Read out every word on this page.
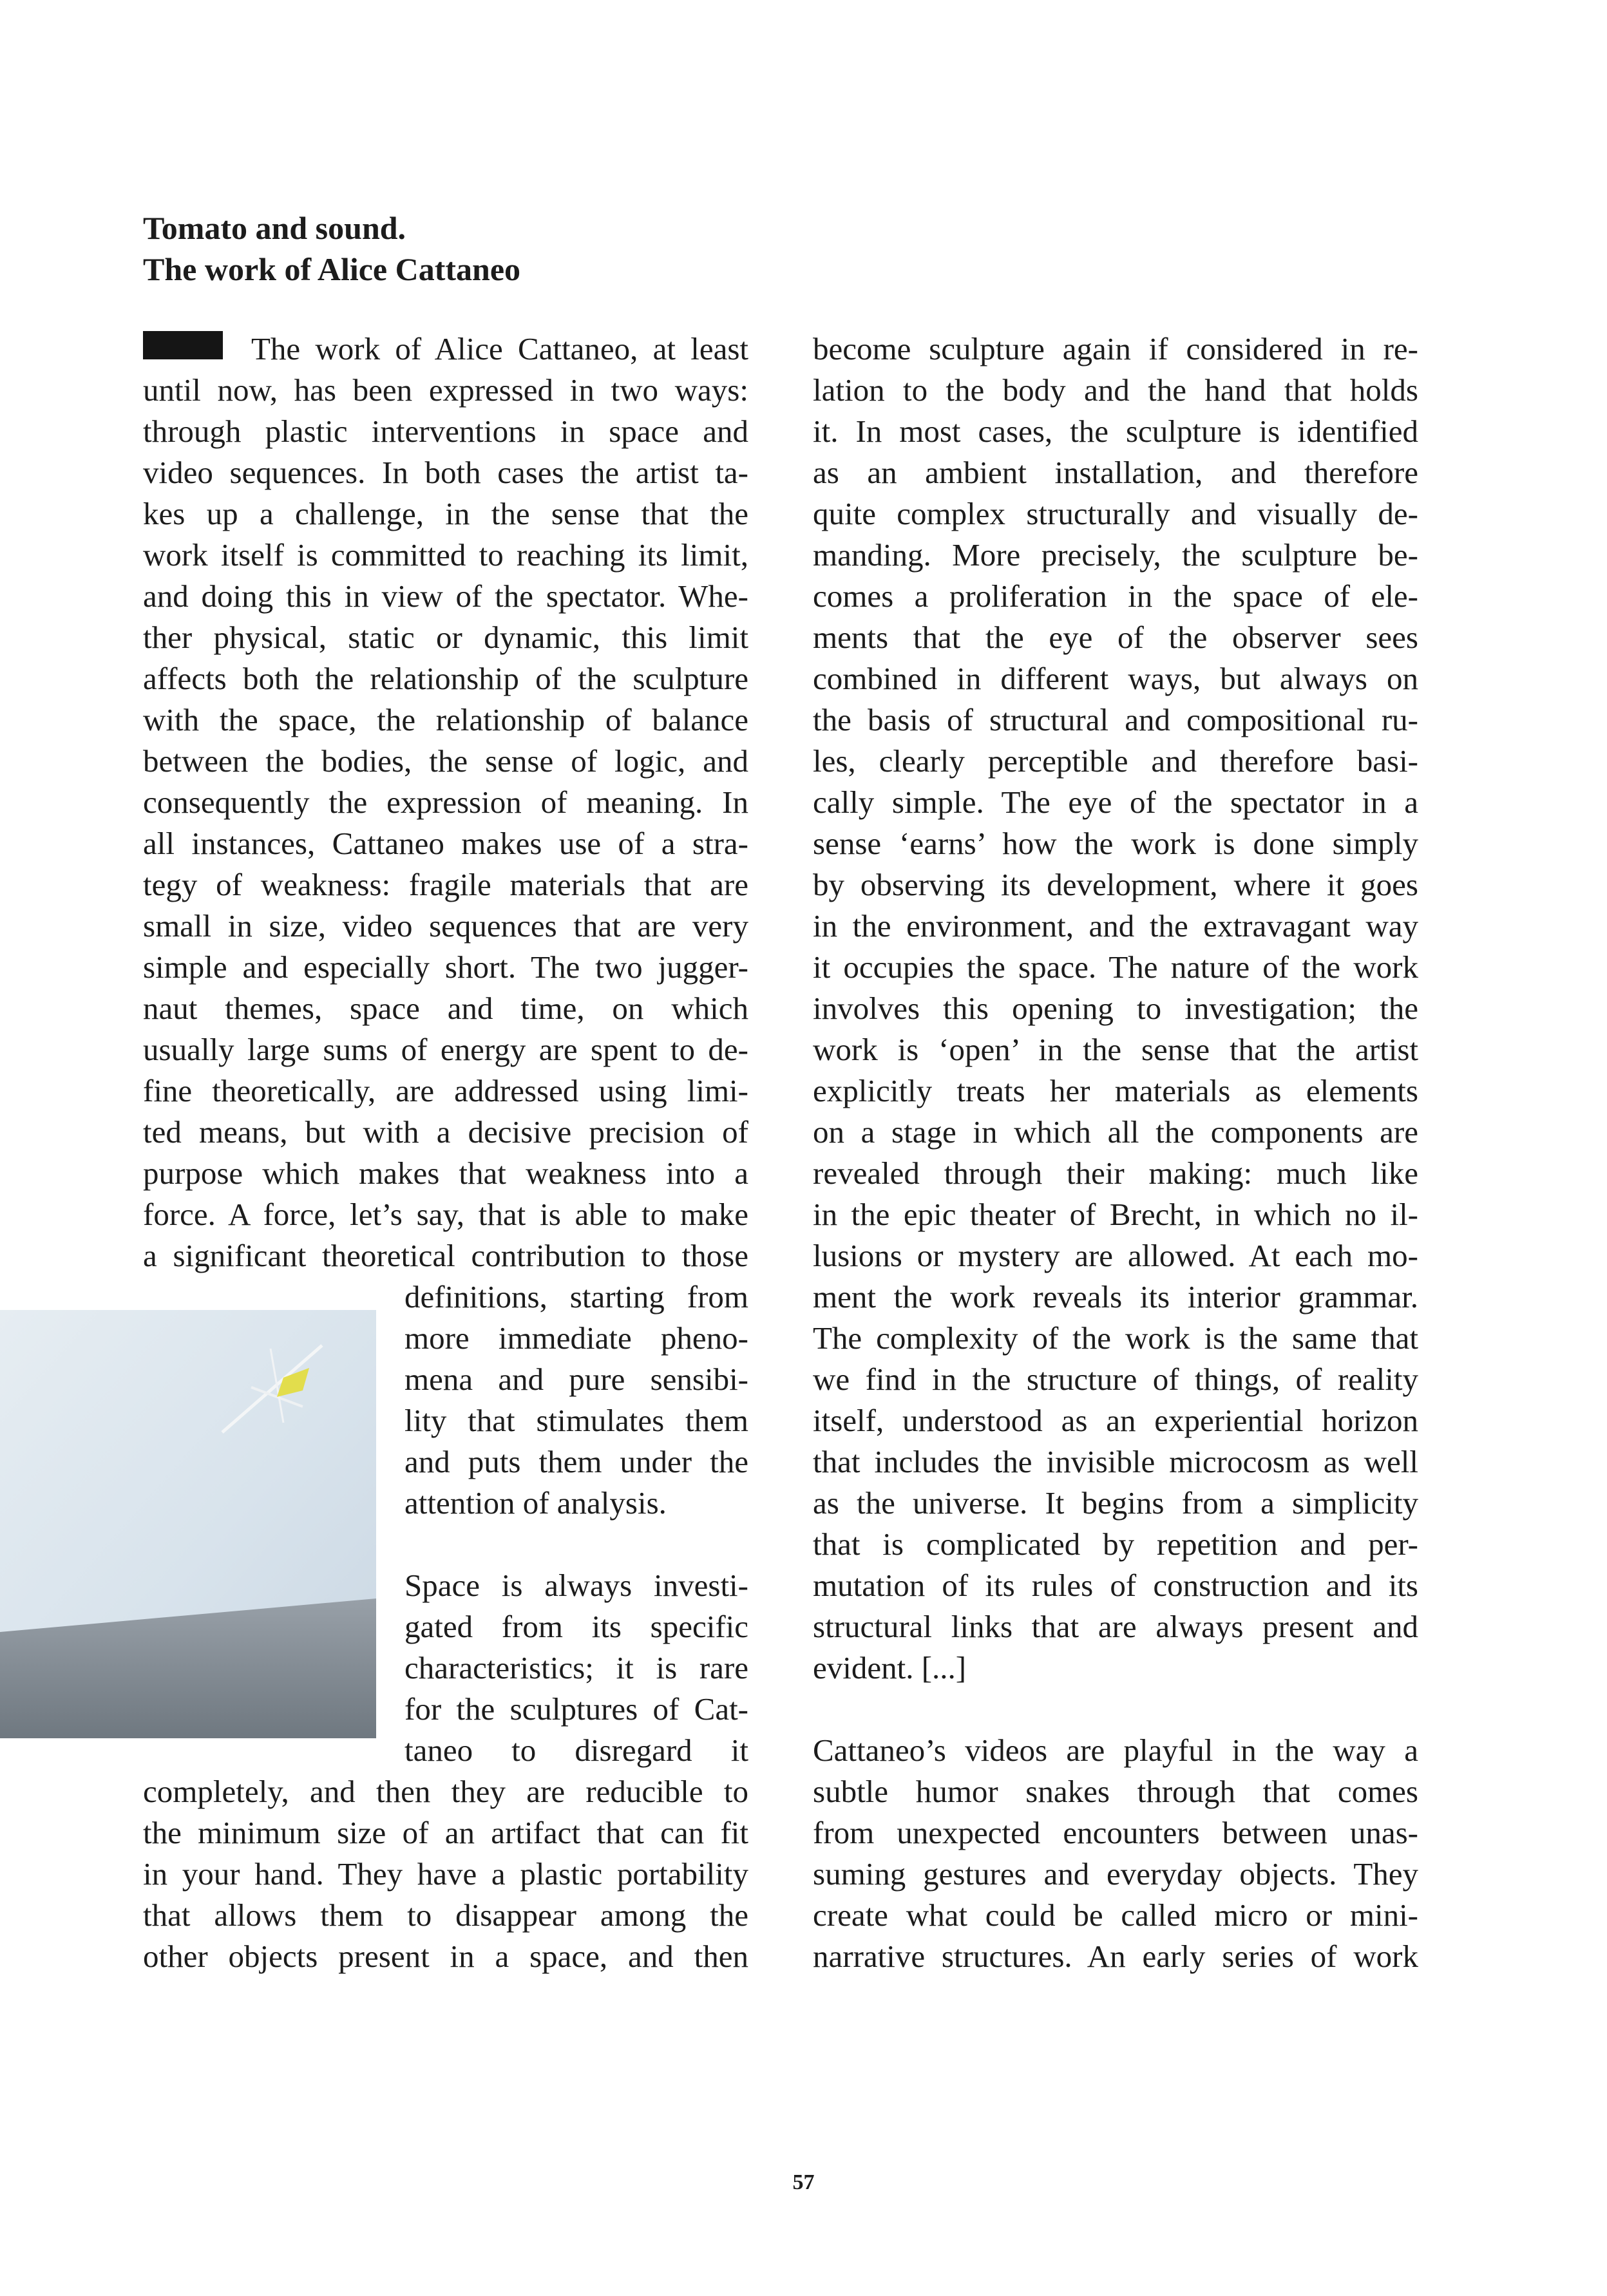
Tomato and sound.
The work of Alice Cattaneo
The work of Alice Cattaneo, at least
until now, has been expressed in two ways:
through plastic interventions in space and
video sequences. In both cases the artist ta-
kes up a challenge, in the sense that the
work itself is committed to reaching its limit,
and doing this in view of the spectator. Whe-
ther physical, static or dynamic, this limit
affects both the relationship of the sculpture
with the space, the relationship of balance
between the bodies, the sense of logic, and
consequently the expression of meaning. In
all instances, Cattaneo makes use of a stra-
tegy of weakness: fragile materials that are
small in size, video sequences that are very
simple and especially short. The two jugger-
naut themes, space and time, on which
usually large sums of energy are spent to de-
fine theoretically, are addressed using limi-
ted means, but with a decisive precision of
purpose which makes that weakness into a
force. A force, let’s say, that is able to make
a significant theoretical contribution to those
definitions, starting from
more immediate pheno-
mena and pure sensibi-
lity that stimulates them
and puts them under the
attention of analysis.
Space is always investi-
gated from its specific
characteristics; it is rare
for the sculptures of Cat-
taneo to disregard it
completely, and then they are reducible to
the minimum size of an artifact that can fit
in your hand. They have a plastic portability
that allows them to disappear among the
other objects present in a space, and then
become sculpture again if considered in re-
lation to the body and the hand that holds
it. In most cases, the sculpture is identified
as an ambient installation, and therefore
quite complex structurally and visually de-
manding. More precisely, the sculpture be-
comes a proliferation in the space of ele-
ments that the eye of the observer sees
combined in different ways, but always on
the basis of structural and compositional ru-
les, clearly perceptible and therefore basi-
cally simple. The eye of the spectator in a
sense ‘earns’ how the work is done simply
by observing its development, where it goes
in the environment, and the extravagant way
it occupies the space. The nature of the work
involves this opening to investigation; the
work is ‘open’ in the sense that the artist
explicitly treats her materials as elements
on a stage in which all the components are
revealed through their making: much like
in the epic theater of Brecht, in which no il-
lusions or mystery are allowed. At each mo-
ment the work reveals its interior grammar.
The complexity of the work is the same that
we find in the structure of things, of reality
itself, understood as an experiential horizon
that includes the invisible microcosm as well
as the universe. It begins from a simplicity
that is complicated by repetition and per-
mutation of its rules of construction and its
structural links that are always present and
evident. [...]
Cattaneo’s videos are playful in the way a
subtle humor snakes through that comes
from unexpected encounters between unas-
suming gestures and everyday objects. They
create what could be called micro or mini-
narrative structures. An early series of work
57
